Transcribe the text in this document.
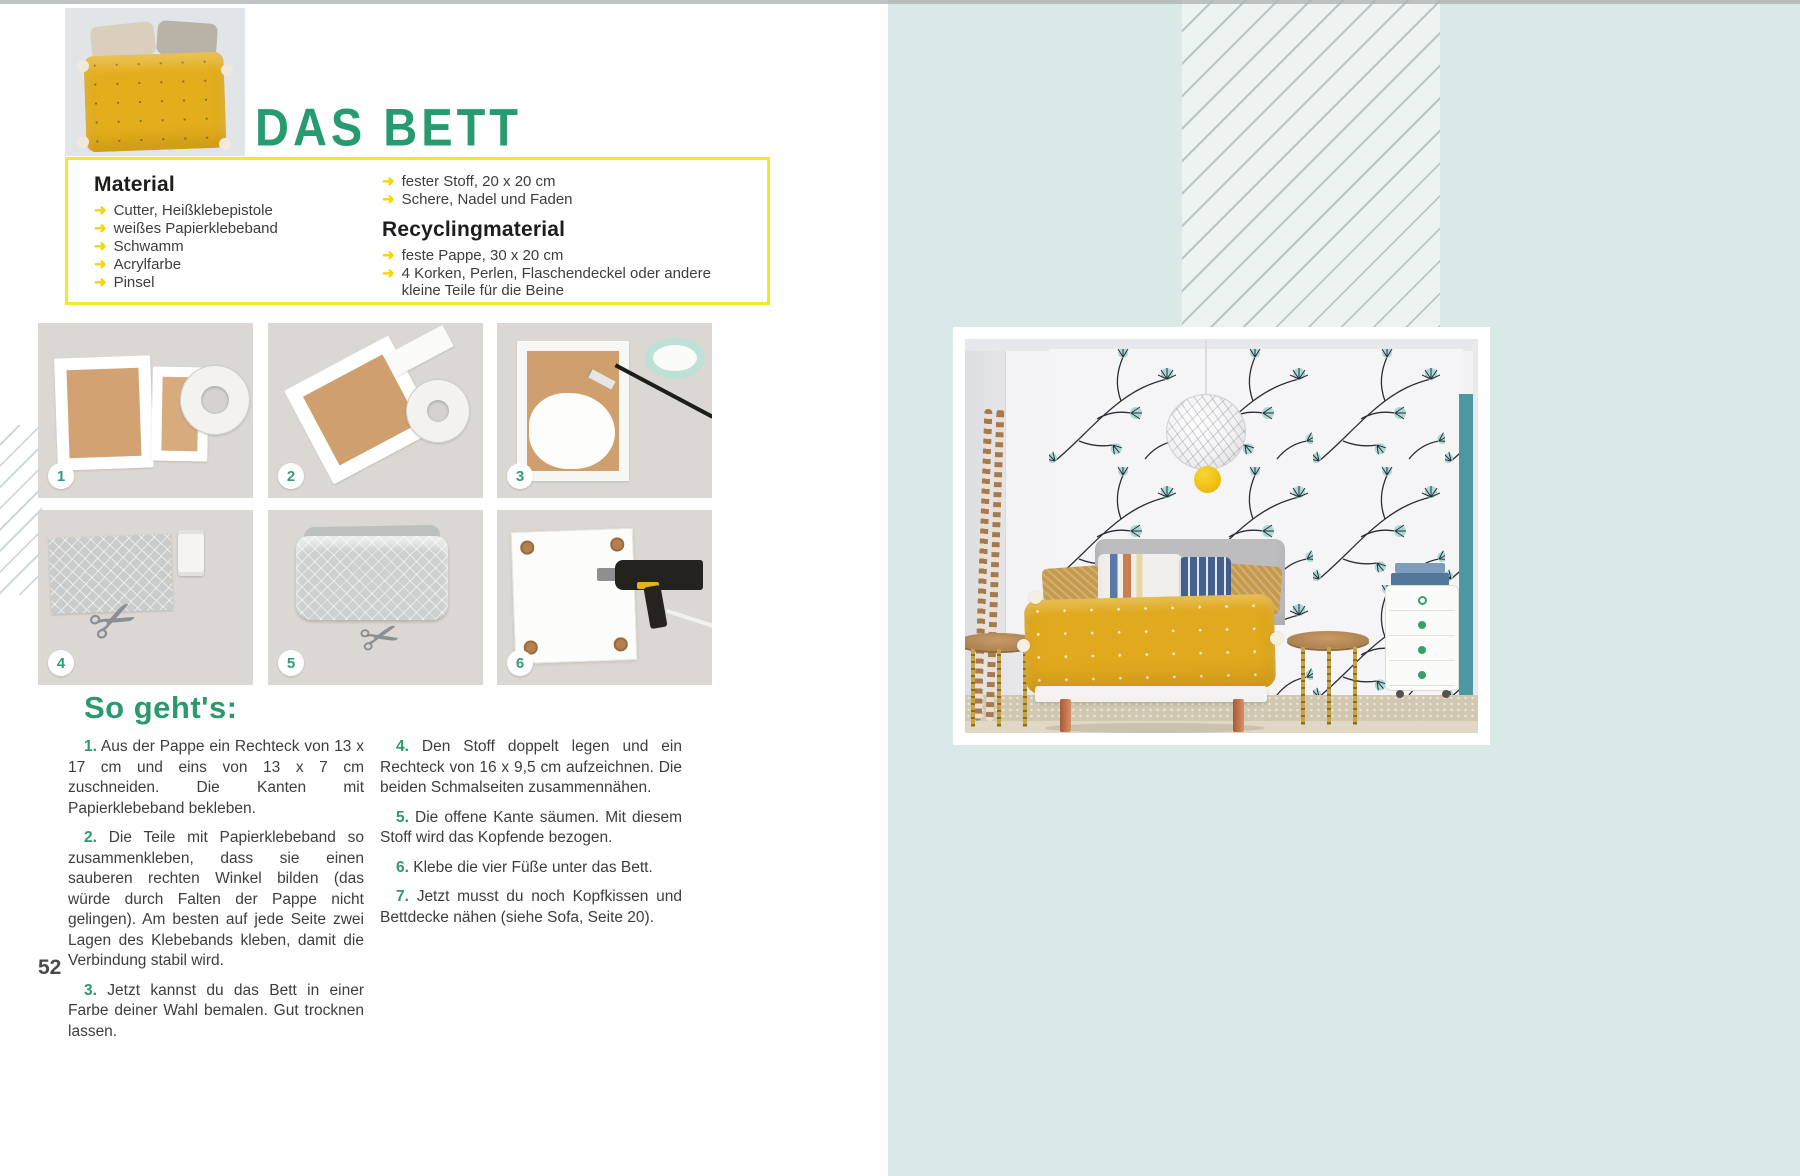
DAS BETT
Material
➜ Cutter, Heißklebepistole
➜ weißes Papierklebeband
➜ Schwamm
➜ Acrylfarbe
➜ Pinsel
➜ fester Stoff, 20 x 20 cm
➜ Schere, Nadel und Faden
Recyclingmaterial
➜ feste Pappe, 30 x 20 cm
➜ 4 Korken, Perlen, Flaschendeckel oder andere kleine Teile für die Beine
1	2	3
✂
4	✂
5	6
So geht's:

1. Aus der Pappe ein Rechteck von 13 x 17 cm und eins von 13 x 7 cm zuschneiden. Die Kanten mit Papierklebeband bekleben.

2. Die Teile mit Papierklebeband so zusammenkleben, dass sie einen sauberen rechten Winkel bilden (das würde durch Falten der Pappe nicht gelingen). Am besten auf jede Seite zwei Lagen des Klebebands kleben, damit die Verbindung stabil wird.

3. Jetzt kannst du das Bett in einer Farbe deiner Wahl bemalen. Gut trocknen lassen.

4. Den Stoff doppelt legen und ein Rechteck von 16 x 9,5 cm aufzeichnen. Die beiden Schmalseiten zusammennähen.

5. Die offene Kante säumen. Mit diesem Stoff wird das Kopfende bezogen.

6. Klebe die vier Füße unter das Bett.

7. Jetzt musst du noch Kopfkissen und Bettdecke nähen (siehe Sofa, Seite 20).

52
